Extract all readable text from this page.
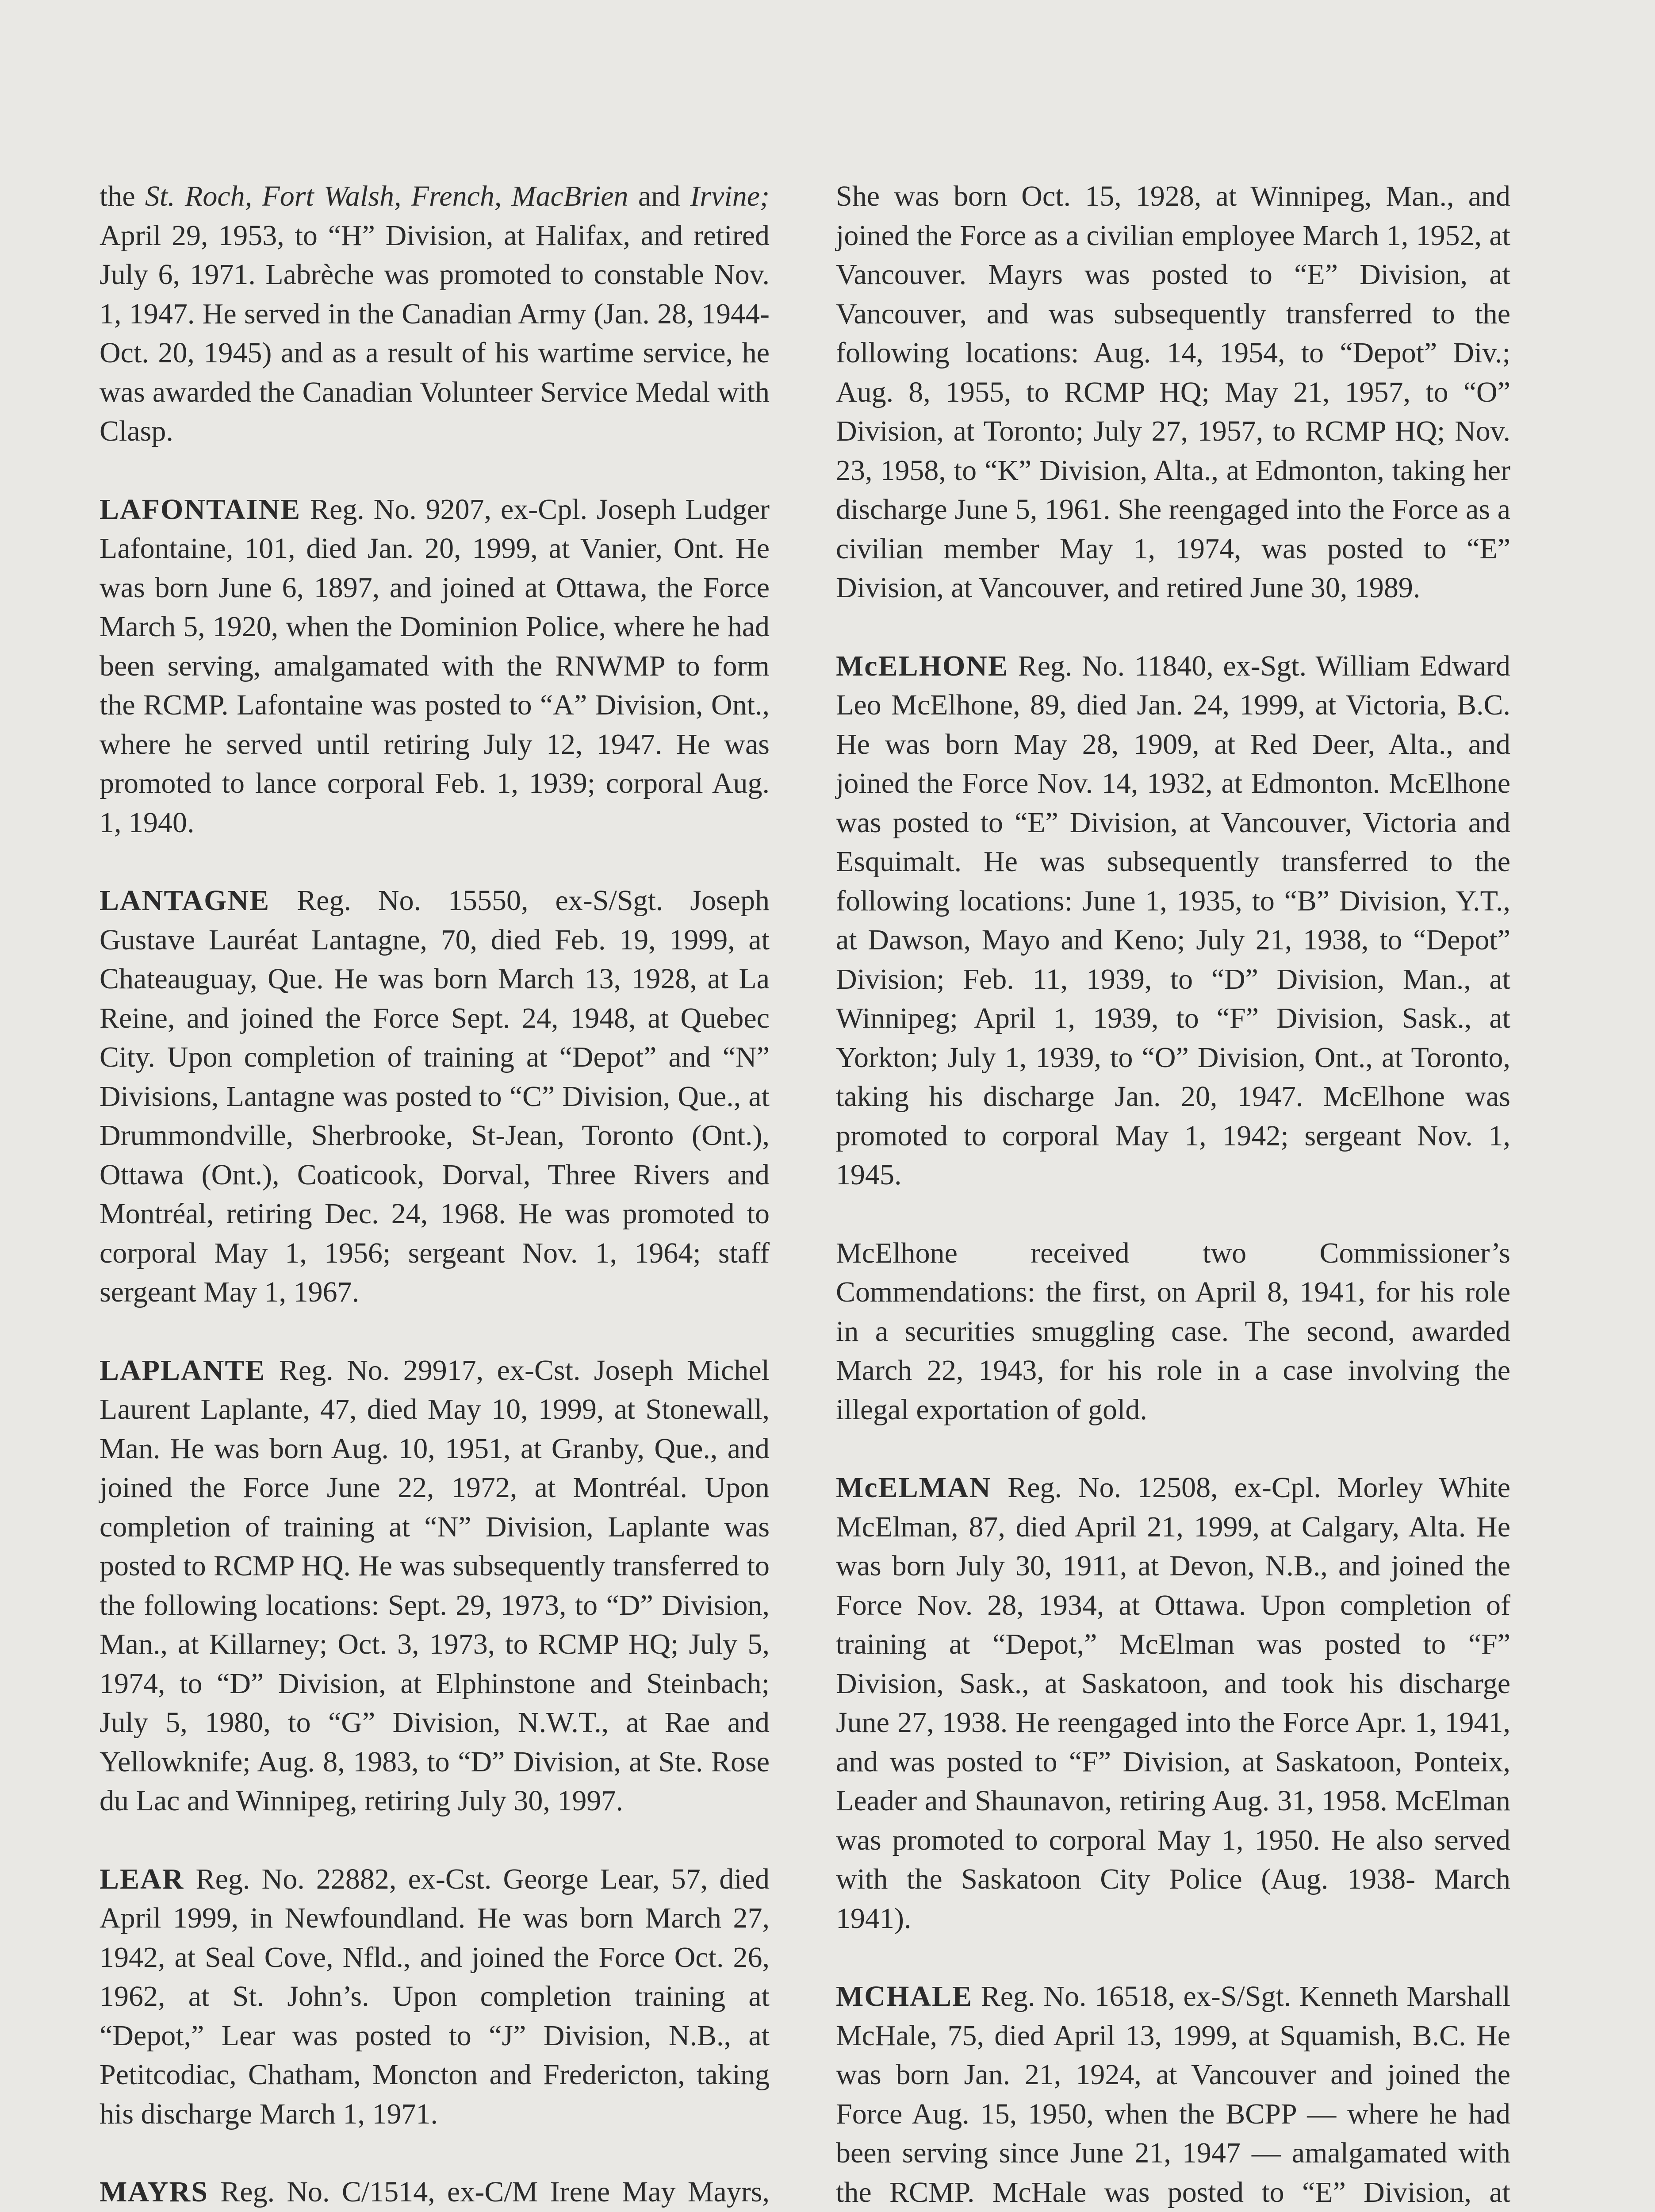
the St. Roch, Fort Walsh, French, MacBrien and Irvine; April 29, 1953, to “H” Division, at Halifax, and retired July 6, 1971. Labrèche was promoted to constable Nov. 1, 1947. He served in the Canadian Army (Jan. 28, 1944-Oct. 20, 1945) and as a result of his wartime service, he was awarded the Canadian Volunteer Service Medal with Clasp.

LAFONTAINE Reg. No. 9207, ex-Cpl. Joseph Ludger Lafontaine, 101, died Jan. 20, 1999, at Vanier, Ont. He was born June 6, 1897, and joined at Ottawa, the Force March 5, 1920, when the Dominion Police, where he had been serving, amalgamated with the RNWMP to form the RCMP. Lafontaine was posted to “A” Division, Ont., where he served until retiring July 12, 1947. He was promoted to lance corporal Feb. 1, 1939; corporal Aug. 1, 1940.

LANTAGNE Reg. No. 15550, ex-S/Sgt. Joseph Gustave Lauréat Lantagne, 70, died Feb. 19, 1999, at Chateauguay, Que. He was born March 13, 1928, at La Reine, and joined the Force Sept. 24, 1948, at Quebec City. Upon completion of training at “Depot” and “N” Divisions, Lantagne was posted to “C” Division, Que., at Drummondville, Sherbrooke, St-Jean, Toronto (Ont.), Ottawa (Ont.), Coaticook, Dorval, Three Rivers and Montréal, retiring Dec. 24, 1968. He was promoted to corporal May 1, 1956; sergeant Nov. 1, 1964; staff sergeant May 1, 1967.

LAPLANTE Reg. No. 29917, ex-Cst. Joseph Michel Laurent Laplante, 47, died May 10, 1999, at Stonewall, Man. He was born Aug. 10, 1951, at Granby, Que., and joined the Force June 22, 1972, at Montréal. Upon completion of training at “N” Division, Laplante was posted to RCMP HQ. He was subsequently transferred to the following locations: Sept. 29, 1973, to “D” Division, Man., at Killarney; Oct. 3, 1973, to RCMP HQ; July 5, 1974, to “D” Division, at Elphinstone and Steinbach; July 5, 1980, to “G” Division, N.W.T., at Rae and Yellowknife; Aug. 8, 1983, to “D” Division, at Ste. Rose du Lac and Winnipeg, retiring July 30, 1997.

LEAR Reg. No. 22882, ex-Cst. George Lear, 57, died April 1999, in Newfoundland. He was born March 27, 1942, at Seal Cove, Nfld., and joined the Force Oct. 26, 1962, at St. John’s. Upon completion training at “Depot,” Lear was posted to “J” Division, N.B., at Petitcodiac, Chatham, Moncton and Fredericton, taking his discharge March 1, 1971.

MAYRS Reg. No. C/1514, ex-C/M Irene May Mayrs,

She was born Oct. 15, 1928, at Winnipeg, Man., and joined the Force as a civilian employee March 1, 1952, at Vancouver. Mayrs was posted to “E” Division, at Vancouver, and was subsequently transferred to the following locations: Aug. 14, 1954, to “Depot” Div.; Aug. 8, 1955, to RCMP HQ; May 21, 1957, to “O” Division, at Toronto; July 27, 1957, to RCMP HQ; Nov. 23, 1958, to “K” Division, Alta., at Edmonton, taking her discharge June 5, 1961. She reengaged into the Force as a civilian member May 1, 1974, was posted to “E” Division, at Vancouver, and retired June 30, 1989.

McELHONE Reg. No. 11840, ex-Sgt. William Edward Leo McElhone, 89, died Jan. 24, 1999, at Victoria, B.C. He was born May 28, 1909, at Red Deer, Alta., and joined the Force Nov. 14, 1932, at Edmonton. McElhone was posted to “E” Division, at Vancouver, Victoria and Esquimalt. He was subsequently transferred to the following locations: June 1, 1935, to “B” Division, Y.T., at Dawson, Mayo and Keno; July 21, 1938, to “Depot” Division; Feb. 11, 1939, to “D” Division, Man., at Winnipeg; April 1, 1939, to “F” Division, Sask., at Yorkton; July 1, 1939, to “O” Division, Ont., at Toronto, taking his discharge Jan. 20, 1947. McElhone was promoted to corporal May 1, 1942; sergeant Nov. 1, 1945.

McElhone received two Commissioner’s Commendations: the first, on April 8, 1941, for his role in a securities smuggling case. The second, awarded March 22, 1943, for his role in a case involving the illegal exportation of gold.

McELMAN Reg. No. 12508, ex-Cpl. Morley White McElman, 87, died April 21, 1999, at Calgary, Alta. He was born July 30, 1911, at Devon, N.B., and joined the Force Nov. 28, 1934, at Ottawa. Upon completion of training at “Depot,” McElman was posted to “F” Division, Sask., at Saskatoon, and took his discharge June 27, 1938. He reengaged into the Force Apr. 1, 1941, and was posted to “F” Division, at Saskatoon, Ponteix, Leader and Shaunavon, retiring Aug. 31, 1958. McElman was promoted to corporal May 1, 1950. He also served with the Saskatoon City Police (Aug. 1938- March 1941).

MCHALE Reg. No. 16518, ex-S/Sgt. Kenneth Marshall McHale, 75, died April 13, 1999, at Squamish, B.C. He was born Jan. 21, 1924, at Vancouver and joined the Force Aug. 15, 1950, when the BCPP — where he had been serving since June 21, 1947 — amalgamated with the RCMP. McHale was posted to “E” Division, at
